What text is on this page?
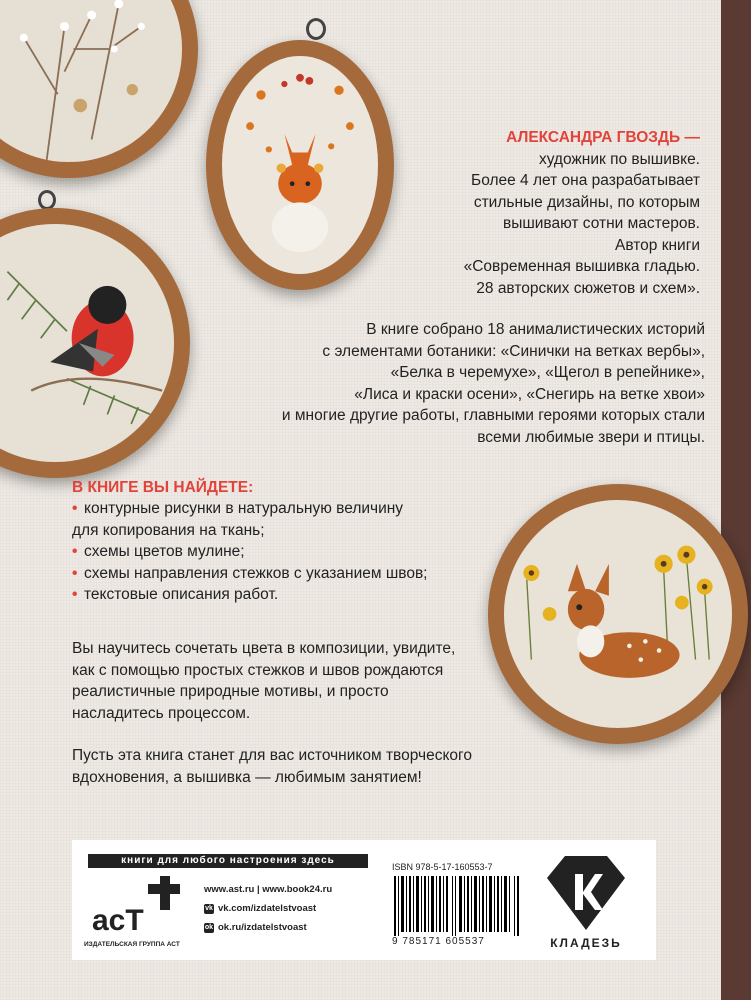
АЛЕКСАНДРА ГВОЗДЬ —
художник по вышивке.
Более 4 лет она разрабатывает
стильные дизайны, по которым
вышивают сотни мастеров.
Автор книги
«Современная вышивка гладью.
28 авторских сюжетов и схем».
В книге собрано 18 анималистических историй
с элементами ботаники: «Синички на ветках вербы»,
«Белка в черемухе», «Щегол в репейнике»,
«Лиса и краски осени», «Снегирь на ветке хвои»
и многие другие работы, главными героями которых стали
всеми любимые звери и птицы.
В КНИГЕ ВЫ НАЙДЕТЕ:
• контурные рисунки в натуральную величину
для копирования на ткань;
• схемы цветов мулине;
• схемы направления стежков с указанием швов;
• текстовые описания работ.
Вы научитесь сочетать цвета в композиции, увидите,
как с помощью простых стежков и швов рождаются
реалистичные природные мотивы, и просто
насладитесь процессом.
Пусть эта книга станет для вас источником творческого
вдохновения, а вышивка — любимым занятием!
книги для любого настроения здесь
acT
ИЗДАТЕЛЬСКАЯ ГРУППА АСТ
www.ast.ru | www.book24.ru
vk vk.com/izdatelstvoast
ok ok.ru/izdatelstvoast
ISBN 978-5-17-160553-7
9 785171 605537	КЛАДЕЗЬ
